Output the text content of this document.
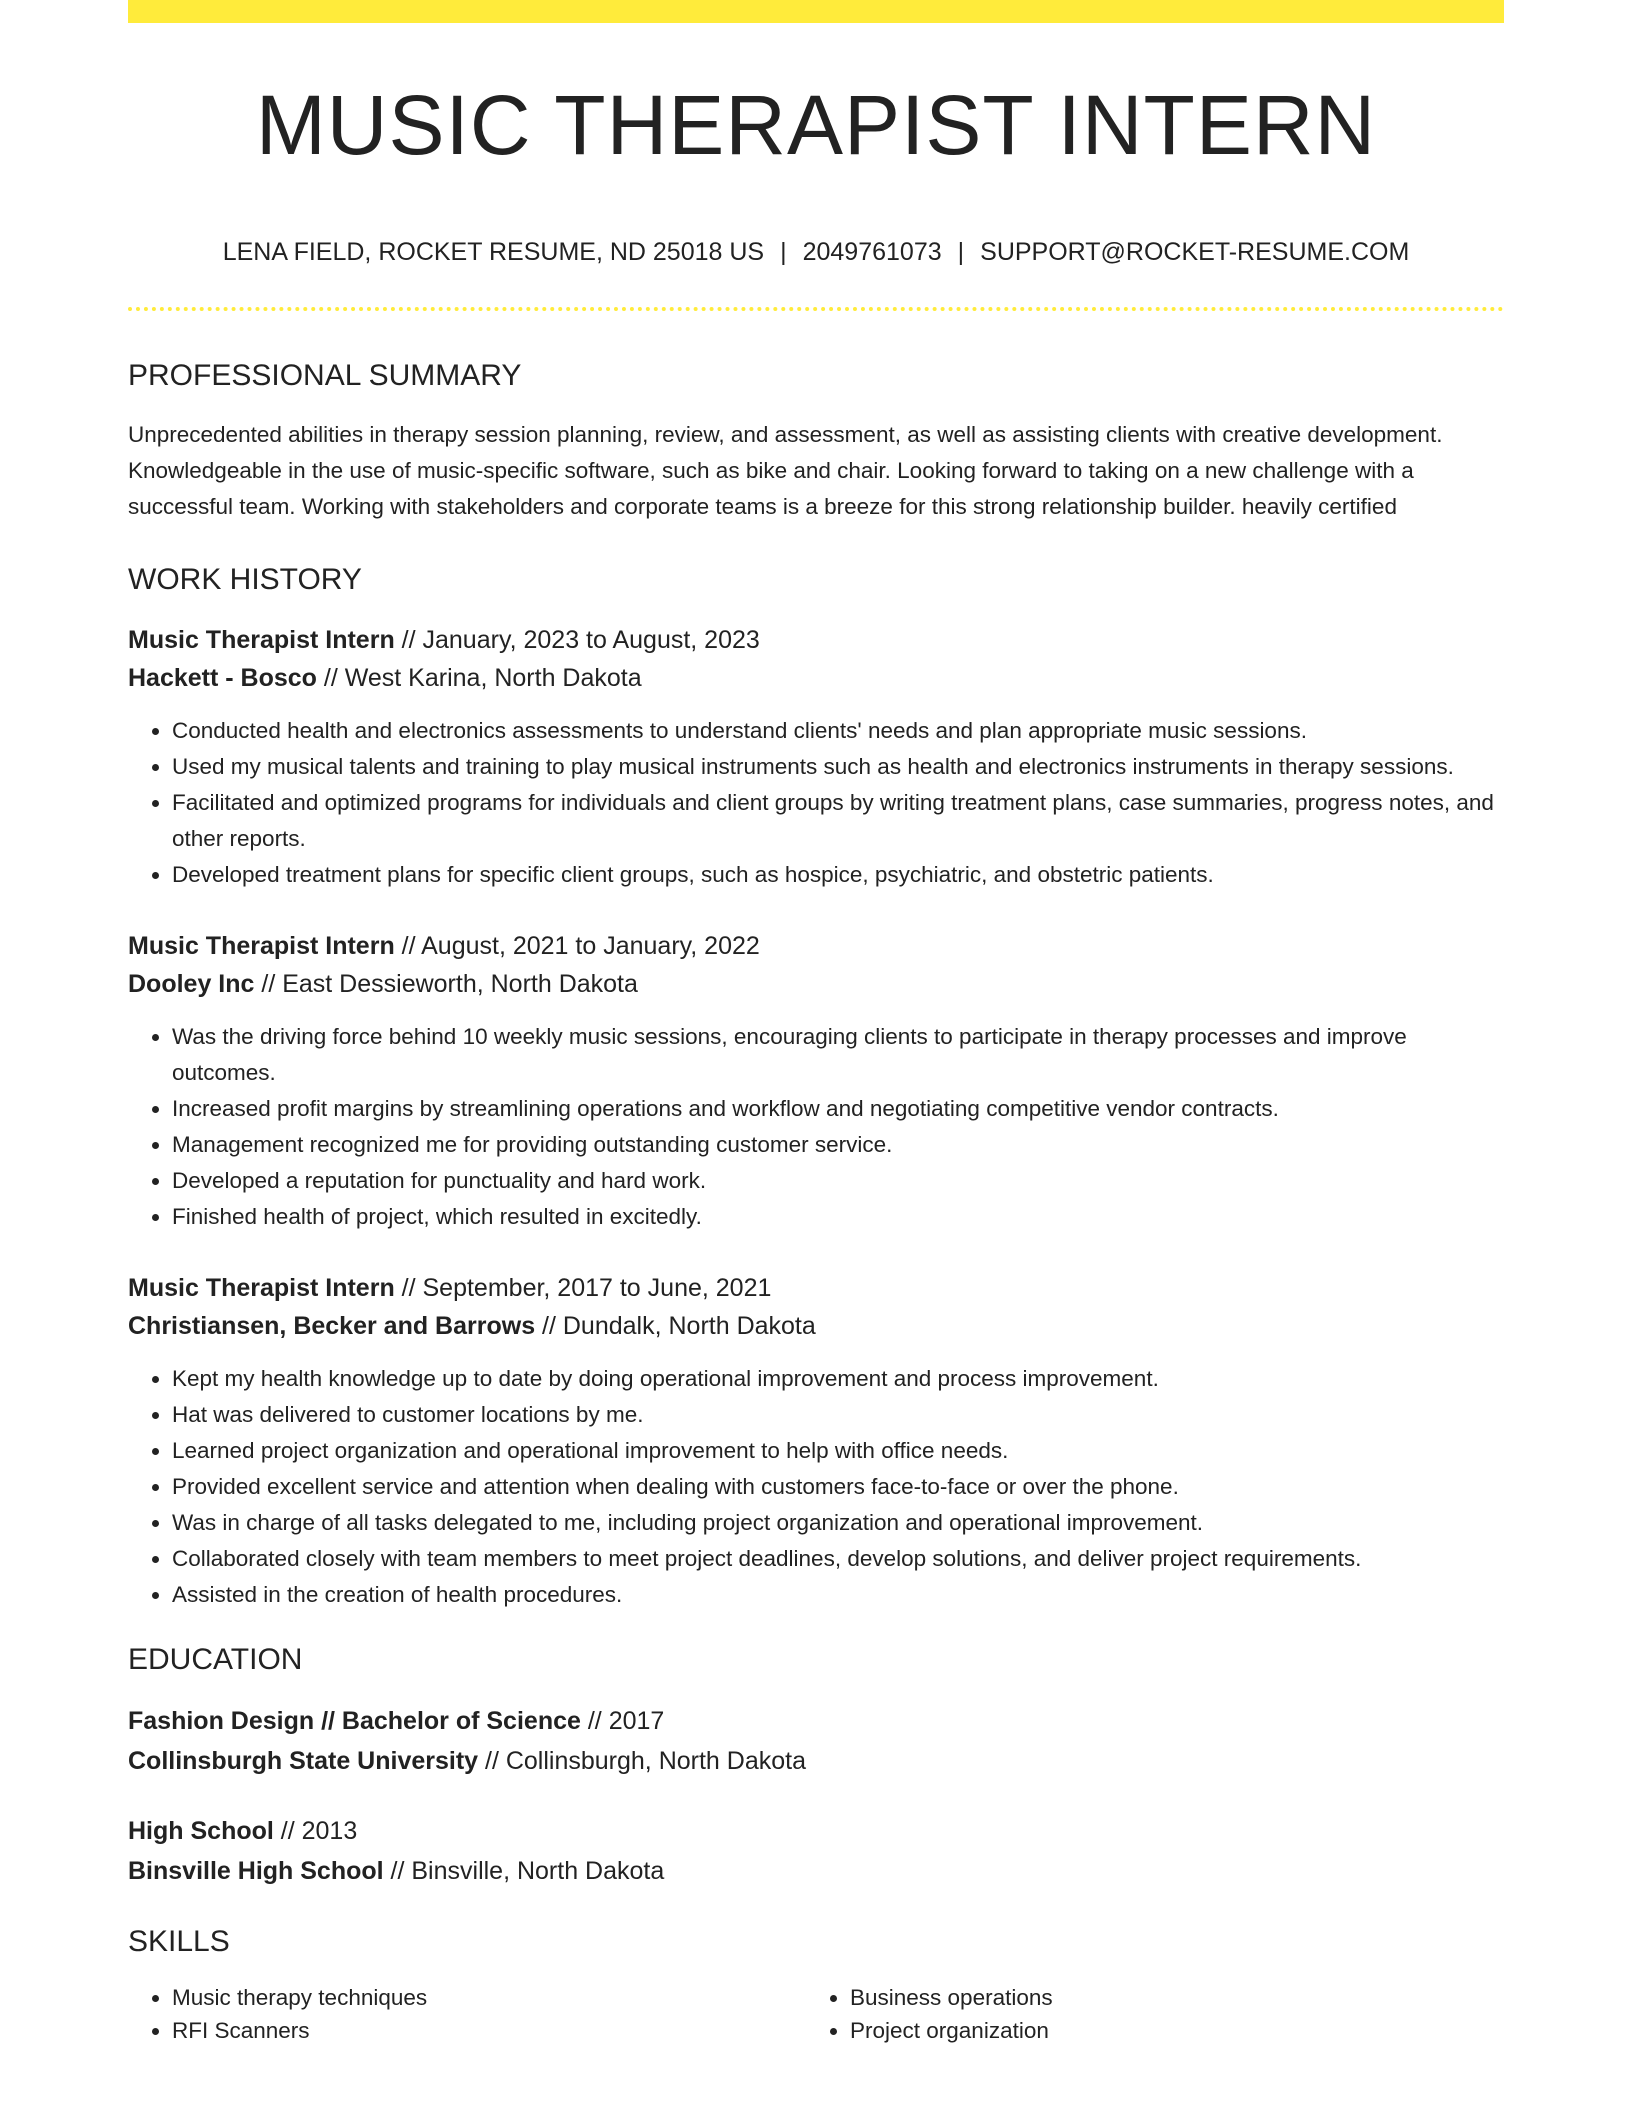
MUSIC THERAPIST INTERN
LENA FIELD, ROCKET RESUME, ND 25018 US | 2049761073 | SUPPORT@ROCKET-RESUME.COM
PROFESSIONAL SUMMARY
Unprecedented abilities in therapy session planning, review, and assessment, as well as assisting clients with creative development. Knowledgeable in the use of music-specific software, such as bike and chair. Looking forward to taking on a new challenge with a successful team. Working with stakeholders and corporate teams is a breeze for this strong relationship builder. heavily certified
WORK HISTORY
Music Therapist Intern // January, 2023 to August, 2023
Hackett - Bosco // West Karina, North Dakota
• Conducted health and electronics assessments to understand clients' needs and plan appropriate music sessions.
• Used my musical talents and training to play musical instruments such as health and electronics instruments in therapy sessions.
• Facilitated and optimized programs for individuals and client groups by writing treatment plans, case summaries, progress notes, and other reports.
• Developed treatment plans for specific client groups, such as hospice, psychiatric, and obstetric patients.
Music Therapist Intern // August, 2021 to January, 2022
Dooley Inc // East Dessieworth, North Dakota
• Was the driving force behind 10 weekly music sessions, encouraging clients to participate in therapy processes and improve outcomes.
• Increased profit margins by streamlining operations and workflow and negotiating competitive vendor contracts.
• Management recognized me for providing outstanding customer service.
• Developed a reputation for punctuality and hard work.
• Finished health of project, which resulted in excitedly.
Music Therapist Intern // September, 2017 to June, 2021
Christiansen, Becker and Barrows // Dundalk, North Dakota
• Kept my health knowledge up to date by doing operational improvement and process improvement.
• Hat was delivered to customer locations by me.
• Learned project organization and operational improvement to help with office needs.
• Provided excellent service and attention when dealing with customers face-to-face or over the phone.
• Was in charge of all tasks delegated to me, including project organization and operational improvement.
• Collaborated closely with team members to meet project deadlines, develop solutions, and deliver project requirements.
• Assisted in the creation of health procedures.
EDUCATION
Fashion Design // Bachelor of Science // 2017
Collinsburgh State University // Collinsburgh, North Dakota
High School // 2013
Binsville High School // Binsville, North Dakota
SKILLS
• Music therapy techniques
• RFI Scanners
• Business operations
• Project organization
